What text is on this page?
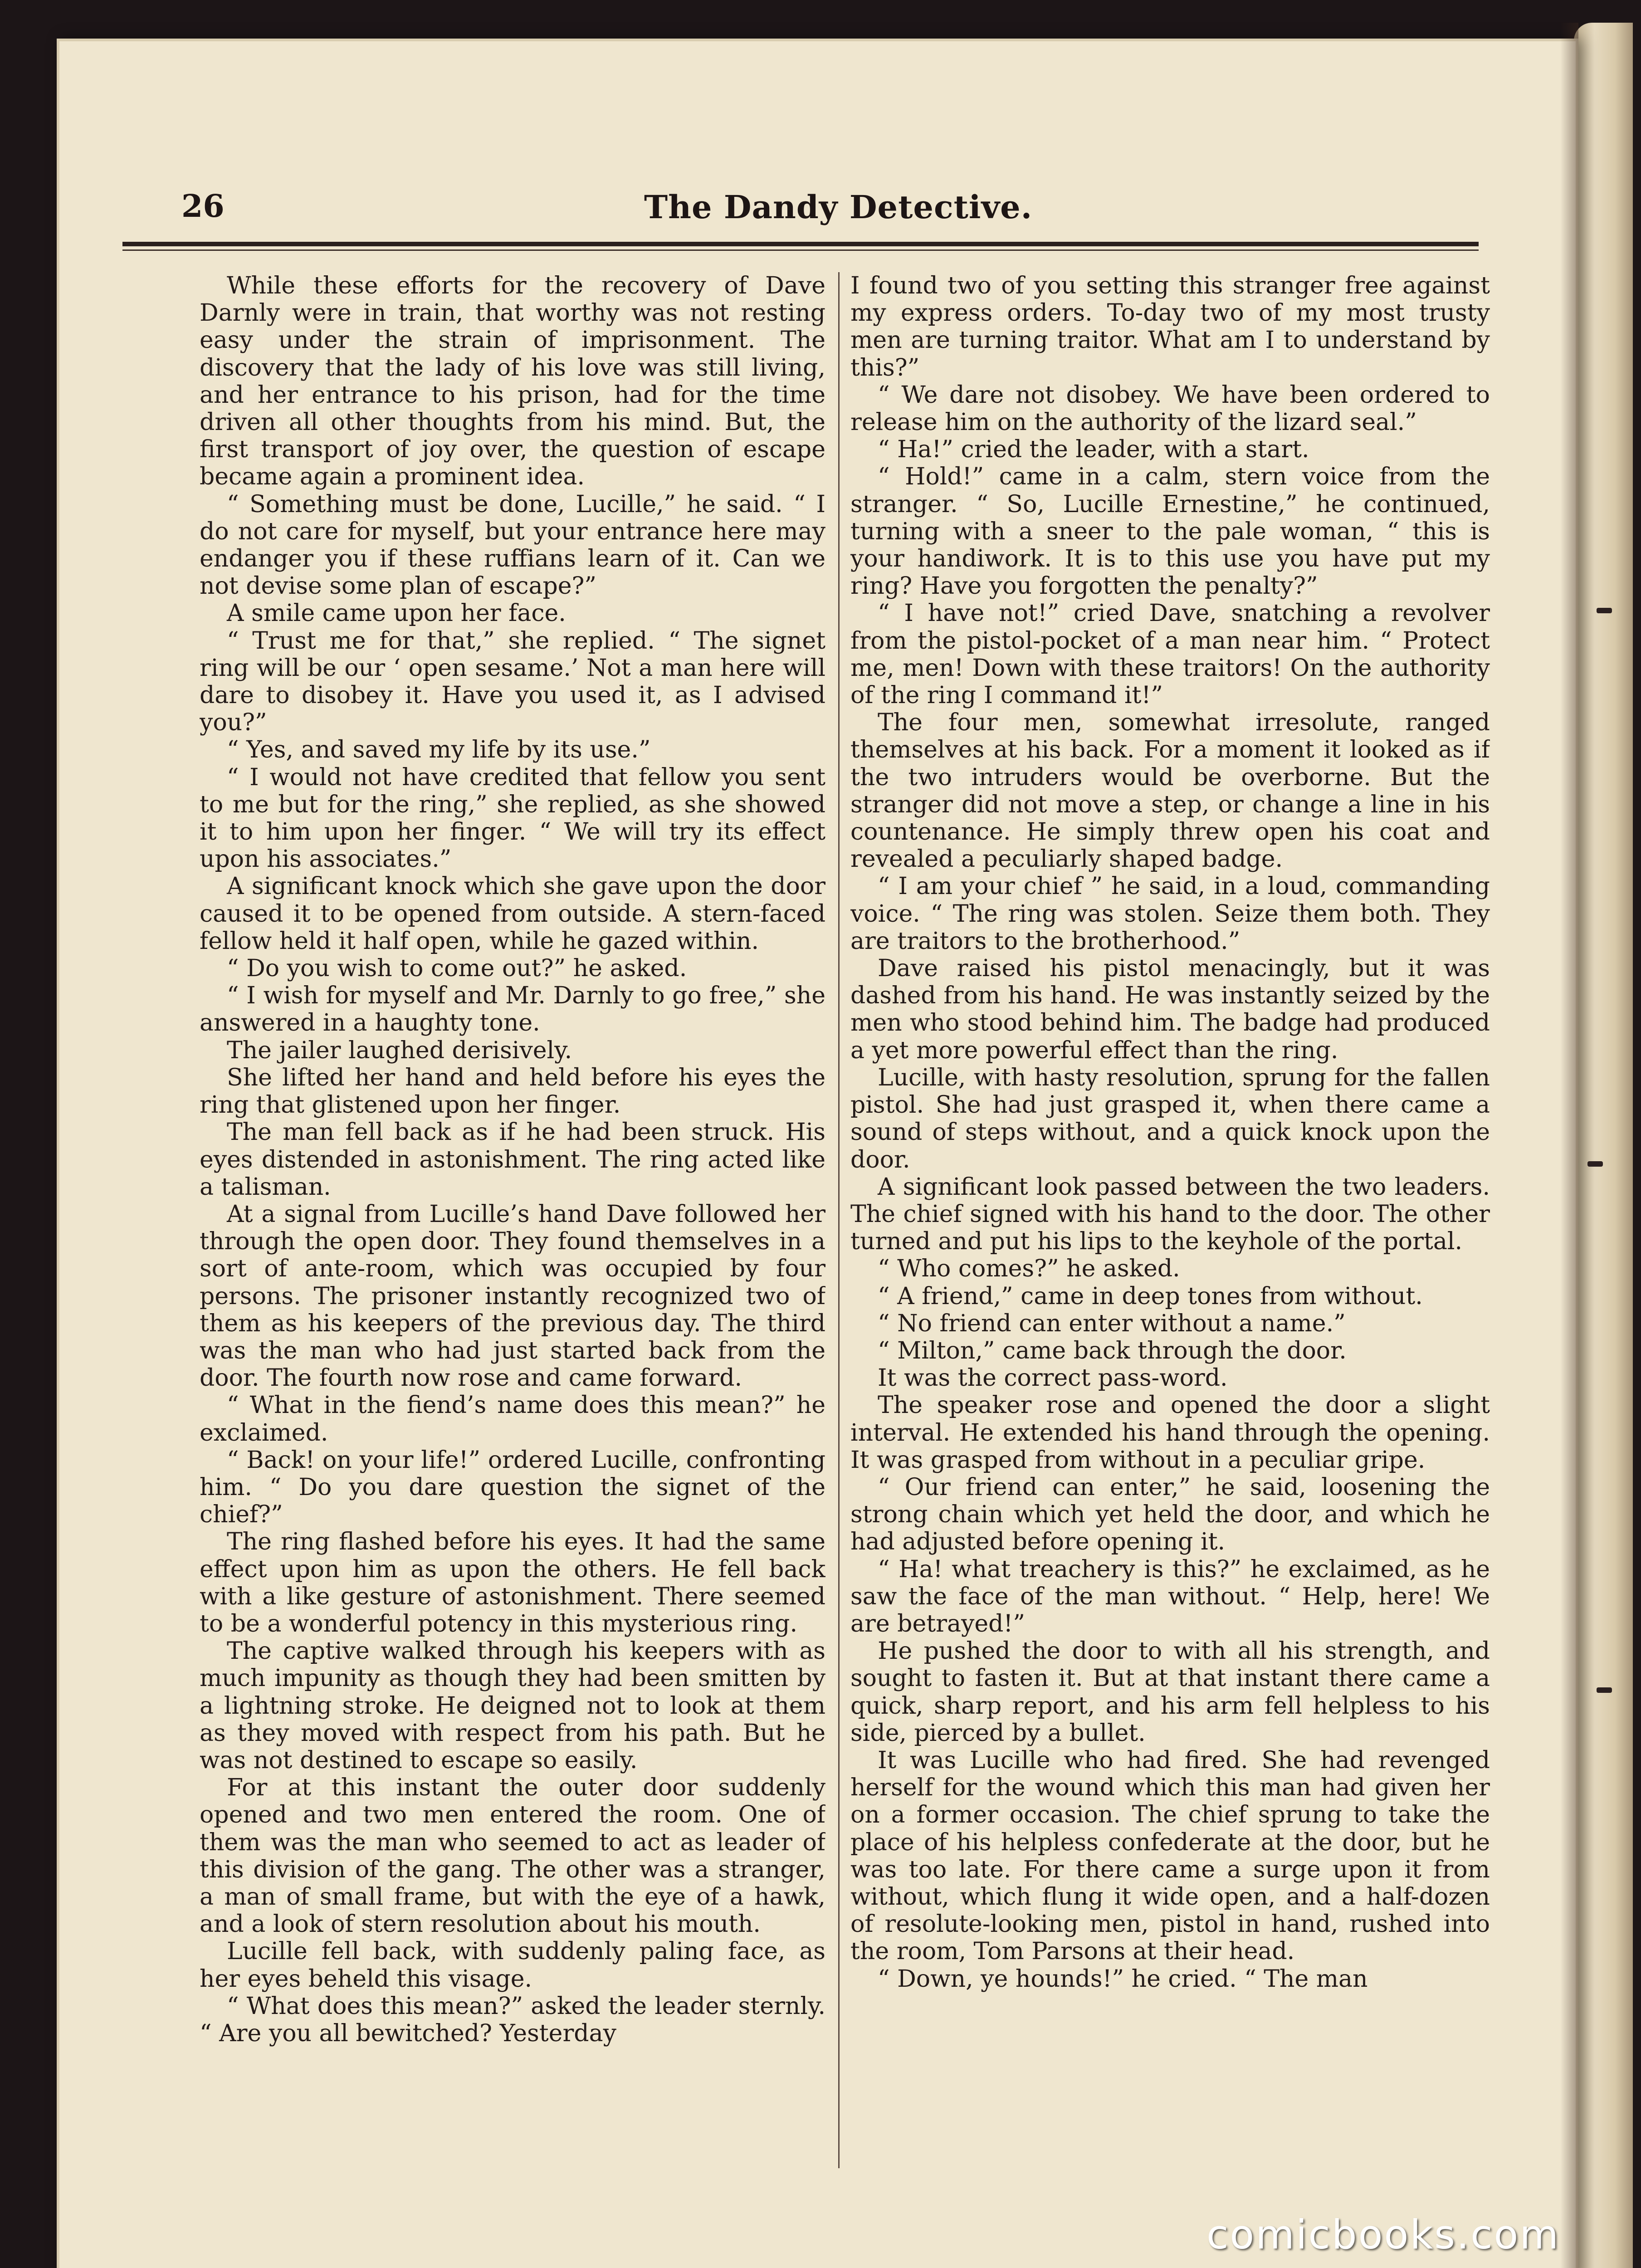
26	The Dandy Detective.

While these efforts for the recovery of Dave Darnly were in train, that worthy was not resting easy under the strain of imprisonment. The discovery that the lady of his love was still living, and her entrance to his prison, had for the time driven all other thoughts from his mind. But, the first transport of joy over, the question of escape became again a prominent idea.

“ Something must be done, Lucille,” he said. “ I do not care for myself, but your entrance here may endanger you if these ruffians learn of it. Can we not devise some plan of escape?”

A smile came upon her face.

“ Trust me for that,” she replied. “ The signet ring will be our ‘ open sesame.’ Not a man here will dare to disobey it. Have you used it, as I advised you?”

“ Yes, and saved my life by its use.”

“ I would not have credited that fellow you sent to me but for the ring,” she replied, as she showed it to him upon her finger. “ We will try its effect upon his associates.”

A significant knock which she gave upon the door caused it to be opened from outside. A stern-faced fellow held it half open, while he gazed within.

“ Do you wish to come out?” he asked.

“ I wish for myself and Mr. Darnly to go free,” she answered in a haughty tone.

The jailer laughed derisively.

She lifted her hand and held before his eyes the ring that glistened upon her finger.

The man fell back as if he had been struck. His eyes distended in astonishment. The ring acted like a talisman.

At a signal from Lucille’s hand Dave followed her through the open door. They found themselves in a sort of ante-room, which was occupied by four persons. The prisoner instantly recognized two of them as his keepers of the previous day. The third was the man who had just started back from the door. The fourth now rose and came forward.

“ What in the fiend’s name does this mean?” he exclaimed.

“ Back! on your life!” ordered Lucille, confronting him. “ Do you dare question the signet of the chief?”

The ring flashed before his eyes. It had the same effect upon him as upon the others. He fell back with a like gesture of astonishment. There seemed to be a wonderful potency in this mysterious ring.

The captive walked through his keepers with as much impunity as though they had been smitten by a lightning stroke. He deigned not to look at them as they moved with respect from his path. But he was not destined to escape so easily.

For at this instant the outer door suddenly opened and two men entered the room. One of them was the man who seemed to act as leader of this division of the gang. The other was a stranger, a man of small frame, but with the eye of a hawk, and a look of stern resolution about his mouth.

Lucille fell back, with suddenly paling face, as her eyes beheld this visage.

“ What does this mean?” asked the leader sternly. “ Are you all bewitched? Yesterday

I found two of you setting this stranger free against my express orders. To-day two of my most trusty men are turning traitor. What am I to understand by this?”

“ We dare not disobey. We have been ordered to release him on the authority of the lizard seal.”

“ Ha!” cried the leader, with a start.

“ Hold!” came in a calm, stern voice from the stranger. “ So, Lucille Ernestine,” he continued, turning with a sneer to the pale woman, “ this is your handiwork. It is to this use you have put my ring? Have you forgotten the penalty?”

“ I have not!” cried Dave, snatching a revolver from the pistol-pocket of a man near him. “ Protect me, men! Down with these traitors! On the authority of the ring I command it!”

The four men, somewhat irresolute, ranged themselves at his back. For a moment it looked as if the two intruders would be overborne. But the stranger did not move a step, or change a line in his countenance. He simply threw open his coat and revealed a peculiarly shaped badge.

“ I am your chief ” he said, in a loud, commanding voice. “ The ring was stolen. Seize them both. They are traitors to the brotherhood.”

Dave raised his pistol menacingly, but it was dashed from his hand. He was instantly seized by the men who stood behind him. The badge had produced a yet more powerful effect than the ring.

Lucille, with hasty resolution, sprung for the fallen pistol. She had just grasped it, when there came a sound of steps without, and a quick knock upon the door.

A significant look passed between the two leaders. The chief signed with his hand to the door. The other turned and put his lips to the keyhole of the portal.

“ Who comes?” he asked.

“ A friend,” came in deep tones from without.

“ No friend can enter without a name.”

“ Milton,” came back through the door.

It was the correct pass-word.

The speaker rose and opened the door a slight interval. He extended his hand through the opening. It was grasped from without in a peculiar gripe.

“ Our friend can enter,” he said, loosening the strong chain which yet held the door, and which he had adjusted before opening it.

“ Ha! what treachery is this?” he exclaimed, as he saw the face of the man without. “ Help, here! We are betrayed!”

He pushed the door to with all his strength, and sought to fasten it. But at that instant there came a quick, sharp report, and his arm fell helpless to his side, pierced by a bullet.

It was Lucille who had fired. She had revenged herself for the wound which this man had given her on a former occasion. The chief sprung to take the place of his helpless confederate at the door, but he was too late. For there came a surge upon it from without, which flung it wide open, and a half-dozen of resolute-looking men, pistol in hand, rushed into the room, Tom Parsons at their head.

“ Down, ye hounds!” he cried. “ The man

comicbooks.com
